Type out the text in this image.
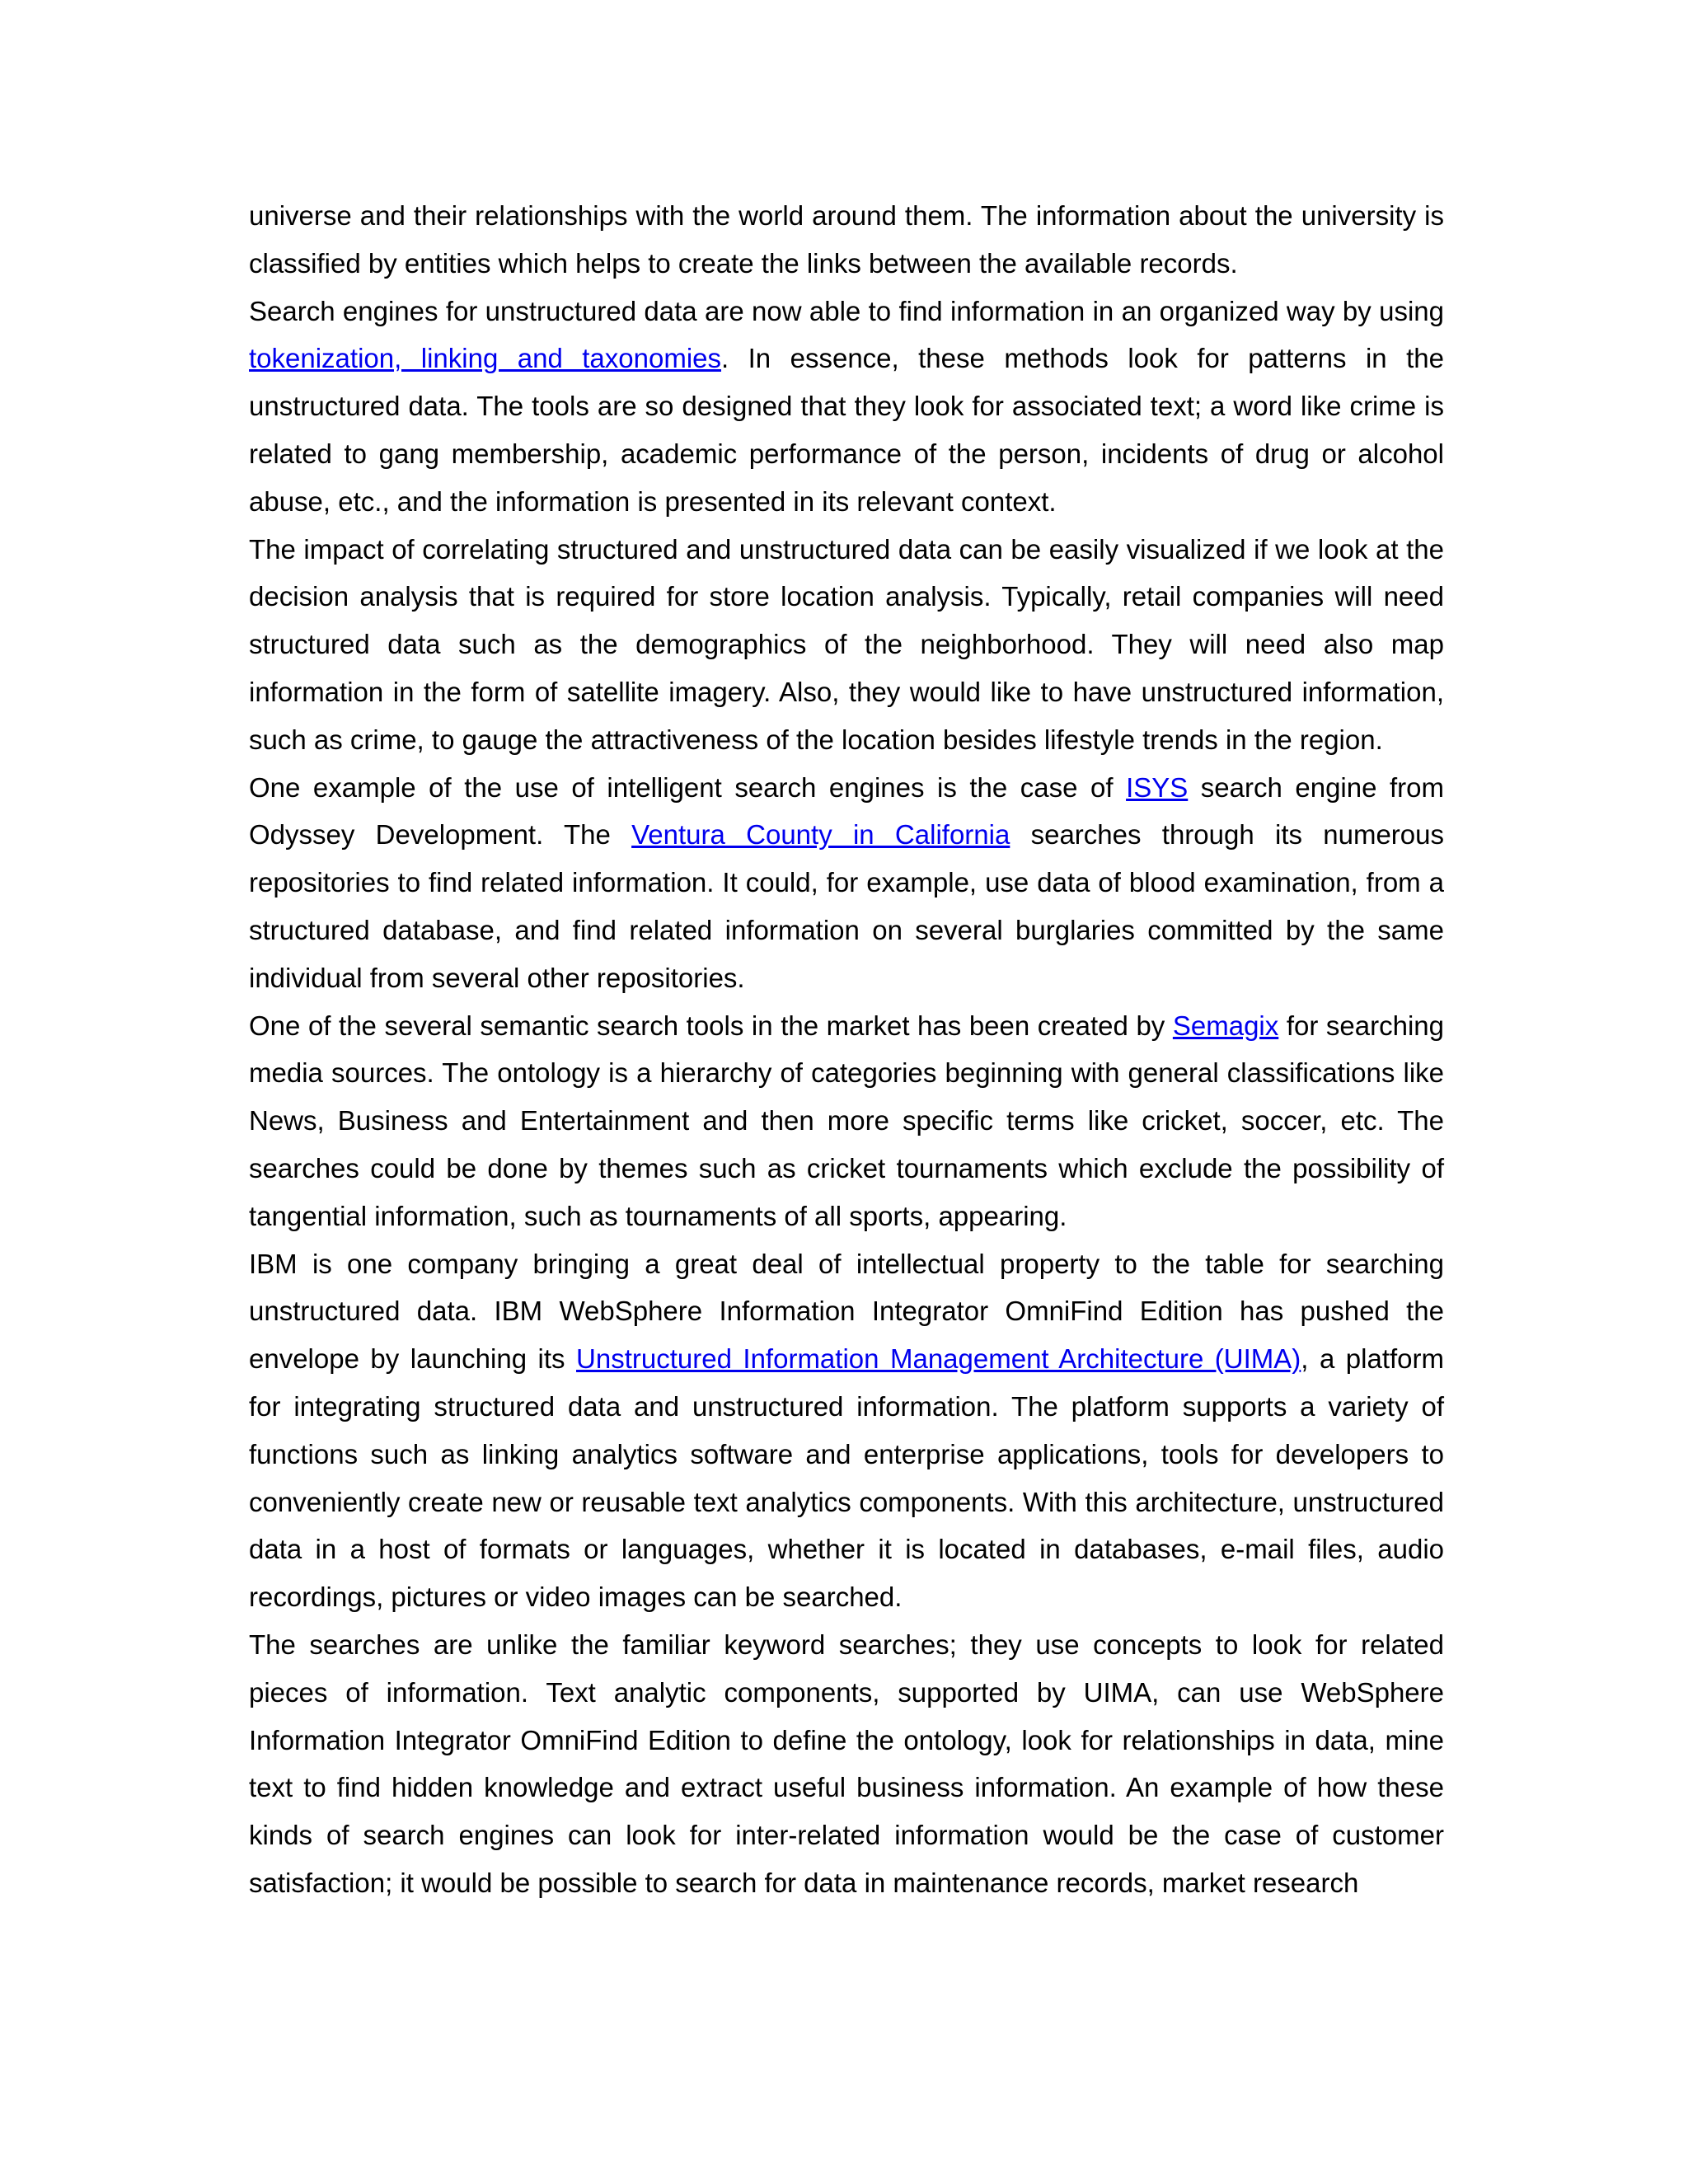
universe and their relationships with the world around them. The information about the university is classified by entities which helps to create the links between the available records.

Search engines for unstructured data are now able to find information in an organized way by using tokenization, linking and taxonomies. In essence, these methods look for patterns in the unstructured data. The tools are so designed that they look for associated text; a word like crime is related to gang membership, academic performance of the person, incidents of drug or alcohol abuse, etc., and the information is presented in its relevant context.

The impact of correlating structured and unstructured data can be easily visualized if we look at the decision analysis that is required for store location analysis. Typically, retail companies will need structured data such as the demographics of the neighborhood. They will need also map information in the form of satellite imagery. Also, they would like to have unstructured information, such as crime, to gauge the attractiveness of the location besides lifestyle trends in the region.

One example of the use of intelligent search engines is the case of ISYS search engine from Odyssey Development. The Ventura County in California searches through its numerous repositories to find related information. It could, for example, use data of blood examination, from a structured database, and find related information on several burglaries committed by the same individual from several other repositories.

One of the several semantic search tools in the market has been created by Semagix for searching media sources. The ontology is a hierarchy of categories beginning with general classifications like News, Business and Entertainment and then more specific terms like cricket, soccer, etc. The searches could be done by themes such as cricket tournaments which exclude the possibility of tangential information, such as tournaments of all sports, appearing.

IBM is one company bringing a great deal of intellectual property to the table for searching unstructured data. IBM WebSphere Information Integrator OmniFind Edition has pushed the envelope by launching its Unstructured Information Management Architecture (UIMA), a platform for integrating structured data and unstructured information. The platform supports a variety of functions such as linking analytics software and enterprise applications, tools for developers to conveniently create new or reusable text analytics components. With this architecture, unstructured data in a host of formats or languages, whether it is located in databases, e-mail files, audio recordings, pictures or video images can be searched.

The searches are unlike the familiar keyword searches; they use concepts to look for related pieces of information. Text analytic components, supported by UIMA, can use WebSphere Information Integrator OmniFind Edition to define the ontology, look for relationships in data, mine text to find hidden knowledge and extract useful business information. An example of how these kinds of search engines can look for inter-related information would be the case of customer satisfaction; it would be possible to search for data in maintenance records, market research
